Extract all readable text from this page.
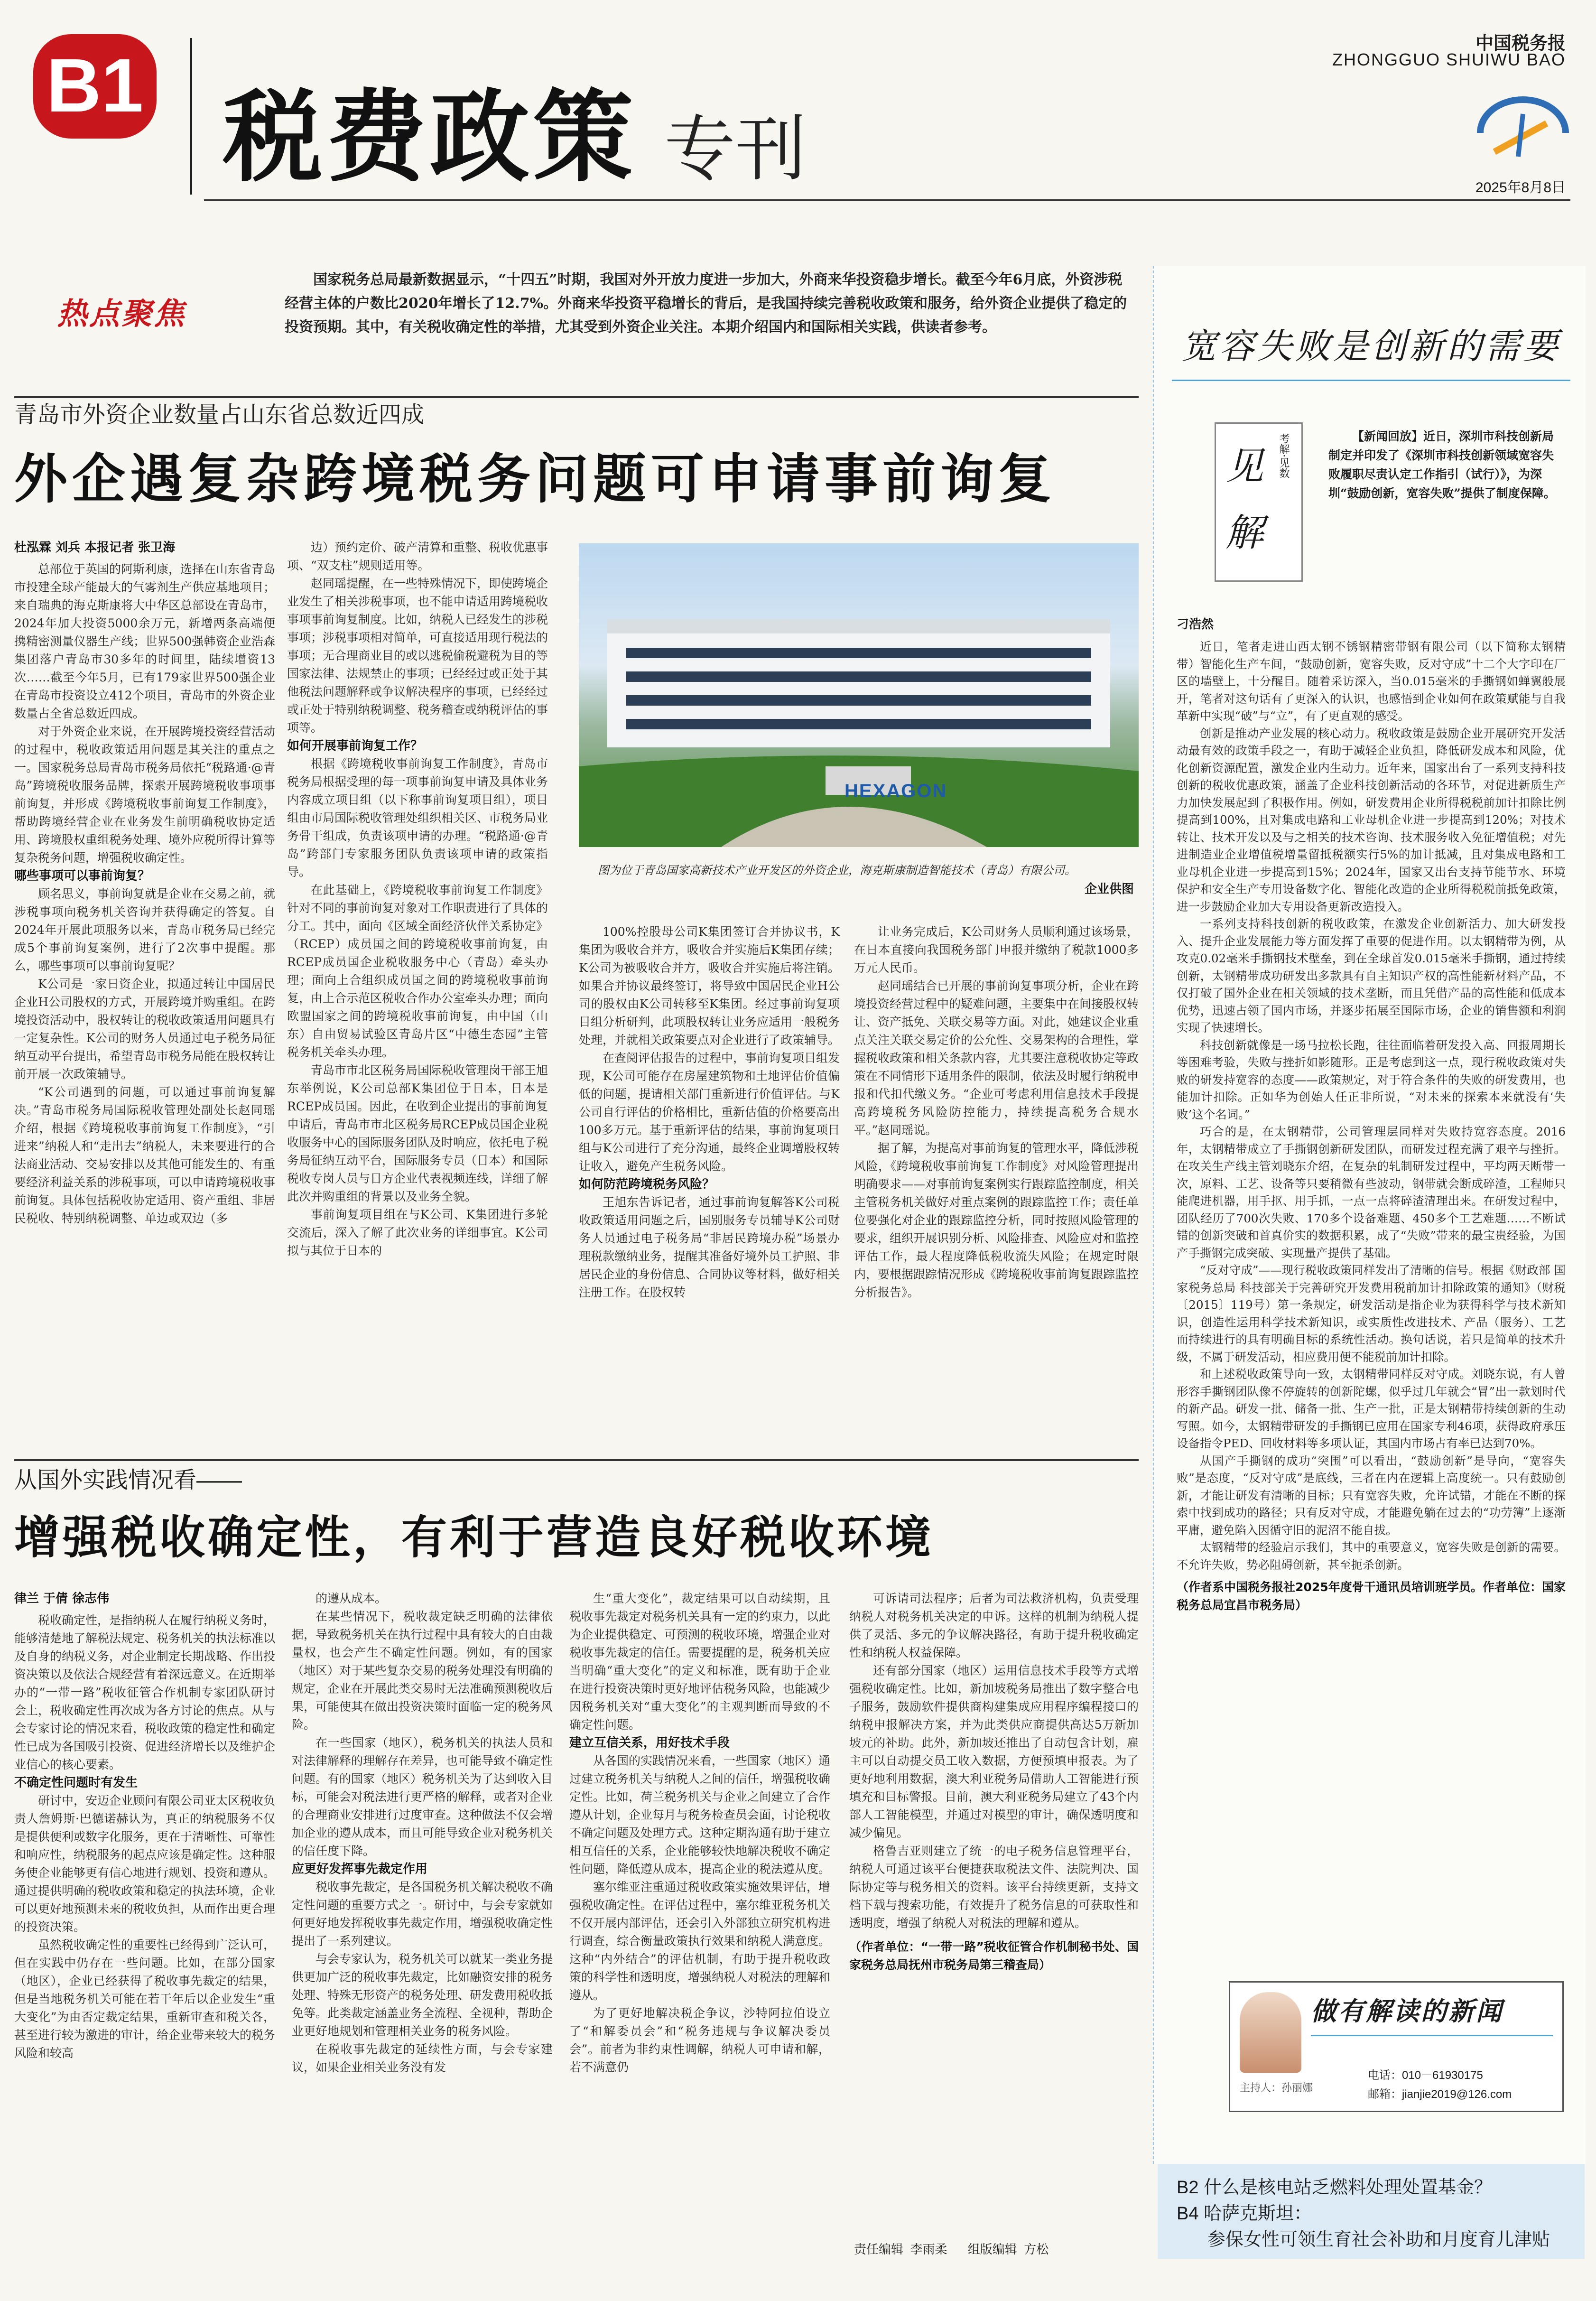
B1 税费政策 专刊
中国税务报
ZHONGGUO SHUIWU BAO
2025年8月8日
热点聚焦
国家税务总局最新数据显示，“十四五”时期，我国对外开放力度进一步加大，外商来华投资稳步增长。截至今年6月底，外资涉税经营主体的户数比2020年增长了12.7%。外商来华投资平稳增长的背后，是我国持续完善税收政策和服务，给外资企业提供了稳定的投资预期。其中，有关税收确定性的举措，尤其受到外资企业关注。本期介绍国内和国际相关实践，供读者参考。
青岛市外资企业数量占山东省总数近四成
外企遇复杂跨境税务问题可申请事前询复
杜泓霖 刘兵 本报记者 张卫海

总部位于英国的阿斯利康，选择在山东省青岛市投建全球产能最大的气雾剂生产供应基地项目；来自瑞典的海克斯康将大中华区总部设在青岛市，2024年加大投资5000余万元，新增两条高端便携精密测量仪器生产线；世界500强韩资企业浩森集团落户青岛市30多年的时间里，陆续增资13次……截至今年5月，已有179家世界500强企业在青岛市投资设立412个项目，青岛市的外资企业数量占全省总数近四成。

对于外资企业来说，在开展跨境投资经营活动的过程中，税收政策适用问题是其关注的重点之一。国家税务总局青岛市税务局依托“税路通·@青岛”跨境税收服务品牌，探索开展跨境税收事项事前询复，并形成《跨境税收事前询复工作制度》，帮助跨境经营企业在业务发生前明确税收协定适用、跨境股权重组税务处理、境外应税所得计算等复杂税务问题，增强税收确定性。

哪些事项可以事前询复？

顾名思义，事前询复就是企业在交易之前，就涉税事项向税务机关咨询并获得确定的答复。自2024年开展此项服务以来，青岛市税务局已经完成5个事前询复案例，进行了2次事中提醒。那么，哪些事项可以事前询复呢？

K公司是一家日资企业，拟通过转让中国居民企业H公司股权的方式，开展跨境并购重组。在跨境投资活动中，股权转让的税收政策适用问题具有一定复杂性。K公司的财务人员通过电子税务局征纳互动平台提出，希望青岛市税务局能在股权转让前开展一次政策辅导。

“K公司遇到的问题，可以通过事前询复解决。”青岛市税务局国际税收管理处副处长赵同瑶介绍，根据《跨境税收事前询复工作制度》，“引进来”纳税人和“走出去”纳税人，未来要进行的合法商业活动、交易安排以及其他可能发生的、有重要经济利益关系的涉税事项，可以申请跨境税收事前询复。具体包括税收协定适用、资产重组、非居民税收、特别纳税调整、单边或双边（多

边）预约定价、破产清算和重整、税收优惠事项、“双支柱”规则适用等。

赵同瑶提醒，在一些特殊情况下，即使跨境企业发生了相关涉税事项，也不能申请适用跨境税收事项事前询复制度。比如，纳税人已经发生的涉税事项；涉税事项相对简单，可直接适用现行税法的事项；无合理商业目的或以逃税偷税避税为目的等国家法律、法规禁止的事项；已经经过或正处于其他税法问题解释或争议解决程序的事项，已经经过或正处于特别纳税调整、税务稽查或纳税评估的事项等。

如何开展事前询复工作？

根据《跨境税收事前询复工作制度》，青岛市税务局根据受理的每一项事前询复申请及具体业务内容成立项目组（以下称事前询复项目组），项目组由市局国际税收管理处组织相关区、市税务局业务骨干组成，负责该项申请的办理。“税路通·@青岛”跨部门专家服务团队负责该项申请的政策指导。

在此基础上，《跨境税收事前询复工作制度》针对不同的事前询复对象对工作职责进行了具体的分工。其中，面向《区域全面经济伙伴关系协定》（RCEP）成员国之间的跨境税收事前询复，由RCEP成员国企业税收服务中心（青岛）牵头办理；面向上合组织成员国之间的跨境税收事前询复，由上合示范区税收合作办公室牵头办理；面向欧盟国家之间的跨境税收事前询复，由中国（山东）自由贸易试验区青岛片区“中德生态园”主管税务机关牵头办理。

青岛市市北区税务局国际税收管理岗干部王旭东举例说，K公司总部K集团位于日本，日本是RCEP成员国。因此，在收到企业提出的事前询复申请后，青岛市市北区税务局RCEP成员国企业税收服务中心的国际服务团队及时响应，依托电子税务局征纳互动平台，国际服务专员（日本）和国际税收专岗人员与日方企业代表视频连线，详细了解此次并购重组的背景以及业务全貌。

事前询复项目组在与K公司、K集团进行多轮交流后，深入了解了此次业务的详细事宜。K公司拟与其位于日本的

HEXAGON
图为位于青岛国家高新技术产业开发区的外资企业，海克斯康制造智能技术（青岛）有限公司。
企业供图

100%控股母公司K集团签订合并协议书，K集团为吸收合并方，吸收合并实施后K集团存续；K公司为被吸收合并方，吸收合并实施后将注销。如果合并协议最终签订，将导致中国居民企业H公司的股权由K公司转移至K集团。经过事前询复项目组分析研判，此项股权转让业务应适用一般税务处理，并就相关政策要点对企业进行了政策辅导。

在查阅评估报告的过程中，事前询复项目组发现，K公司可能存在房屋建筑物和土地评估价值偏低的问题，提请相关部门重新进行价值评估。与K公司自行评估的价格相比，重新估值的价格要高出100多万元。基于重新评估的结果，事前询复项目组与K公司进行了充分沟通，最终企业调增股权转让收入，避免产生税务风险。

如何防范跨境税务风险？

王旭东告诉记者，通过事前询复解答K公司税收政策适用问题之后，国别服务专员辅导K公司财务人员通过电子税务局“非居民跨境办税”场景办理税款缴纳业务，提醒其准备好境外员工护照、非居民企业的身份信息、合同协议等材料，做好相关注册工作。在股权转

让业务完成后，K公司财务人员顺利通过该场景，在日本直接向我国税务部门申报并缴纳了税款1000多万元人民币。

赵同瑶结合已开展的事前询复事项分析，企业在跨境投资经营过程中的疑难问题，主要集中在间接股权转让、资产抵免、关联交易等方面。对此，她建议企业重点关注关联交易定价的公允性、交易架构的合理性，掌握税收政策和相关条款内容，尤其要注意税收协定等政策在不同情形下适用条件的限制，依法及时履行纳税申报和代扣代缴义务。“企业可考虑利用信息技术手段提高跨境税务风险防控能力，持续提高税务合规水平。”赵同瑶说。

据了解，为提高对事前询复的管理水平，降低涉税风险，《跨境税收事前询复工作制度》对风险管理提出明确要求——对事前询复案例实行跟踪监控制度，相关主管税务机关做好对重点案例的跟踪监控工作；责任单位要强化对企业的跟踪监控分析，同时按照风险管理的要求，组织开展识别分析、风险排查、风险应对和监控评估工作，最大程度降低税收流失风险；在规定时限内，要根据跟踪情况形成《跨境税收事前询复跟踪监控分析报告》。

从国外实践情况看——
增强税收确定性，有利于营造良好税收环境
律兰 于倩 徐志伟

税收确定性，是指纳税人在履行纳税义务时，能够清楚地了解税法规定、税务机关的执法标准以及自身的纳税义务，对企业制定长期战略、作出投资决策以及依法合规经营有着深远意义。在近期举办的“一带一路”税收征管合作机制专家团队研讨会上，税收确定性再次成为各方讨论的焦点。从与会专家讨论的情况来看，税收政策的稳定性和确定性已成为各国吸引投资、促进经济增长以及维护企业信心的核心要素。

不确定性问题时有发生

研讨中，安迈企业顾问有限公司亚太区税收负责人詹姆斯·巴德诺赫认为，真正的纳税服务不仅是提供便利或数字化服务，更在于清晰性、可靠性和响应性，纳税服务的起点应该是确定性。这种服务使企业能够更有信心地进行规划、投资和遵从。通过提供明确的税收政策和稳定的执法环境，企业可以更好地预测未来的税收负担，从而作出更合理的投资决策。

虽然税收确定性的重要性已经得到广泛认可，但在实践中仍存在一些问题。比如，在部分国家（地区），企业已经获得了税收事先裁定的结果，但是当地税务机关可能在若干年后以企业发生“重大变化”为由否定裁定结果，重新审查和税关各，甚至进行较为激进的审计，给企业带来较大的税务风险和较高

的遵从成本。

在某些情况下，税收裁定缺乏明确的法律依据，导致税务机关在执行过程中具有较大的自由裁量权，也会产生不确定性问题。例如，有的国家（地区）对于某些复杂交易的税务处理没有明确的规定，企业在开展此类交易时无法准确预测税收后果，可能使其在做出投资决策时面临一定的税务风险。

在一些国家（地区），税务机关的执法人员和对法律解释的理解存在差异，也可能导致不确定性问题。有的国家（地区）税务机关为了达到收入目标，可能会对税法进行更严格的解释，或者对企业的合理商业安排进行过度审查。这种做法不仅会增加企业的遵从成本，而且可能导致企业对税务机关的信任度下降。

应更好发挥事先裁定作用

税收事先裁定，是各国税务机关解决税收不确定性问题的重要方式之一。研讨中，与会专家就如何更好地发挥税收事先裁定作用，增强税收确定性提出了一系列建议。

与会专家认为，税务机关可以就某一类业务提供更加广泛的税收事先裁定，比如融资安排的税务处理、特殊无形资产的税务处理、研发费用税收抵免等。此类裁定涵盖业务全流程、全视种，帮助企业更好地规划和管理相关业务的税务风险。

在税收事先裁定的延续性方面，与会专家建议，如果企业相关业务没有发

生“重大变化”，裁定结果可以自动续期，且税收事先裁定对税务机关具有一定的约束力，以此为企业提供稳定、可预测的税收环境，增强企业对税收事先裁定的信任。需要提醒的是，税务机关应当明确“重大变化”的定义和标准，既有助于企业在进行投资决策时更好地评估税务风险，也能减少因税务机关对“重大变化”的主观判断而导致的不确定性问题。

建立互信关系，用好技术手段

从各国的实践情况来看，一些国家（地区）通过建立税务机关与纳税人之间的信任，增强税收确定性。比如，荷兰税务机关与企业之间建立了合作遵从计划，企业每月与税务检查员会面，讨论税收不确定问题及处理方式。这种定期沟通有助于建立相互信任的关系，企业能够较快地解决税收不确定性问题，降低遵从成本，提高企业的税法遵从度。

塞尔维亚注重通过税收政策实施效果评估，增强税收确定性。在评估过程中，塞尔维亚税务机关不仅开展内部评估，还会引入外部独立研究机构进行调查，综合衡量政策执行效果和纳税人满意度。这种“内外结合”的评估机制，有助于提升税收政策的科学性和透明度，增强纳税人对税法的理解和遵从。

为了更好地解决税企争议，沙特阿拉伯设立了“和解委员会”和“税务违规与争议解决委员会”。前者为非约束性调解，纳税人可申请和解，若不满意仍

可诉请司法程序；后者为司法救济机构，负责受理纳税人对税务机关决定的申诉。这样的机制为纳税人提供了灵活、多元的争议解决路径，有助于提升税收确定性和纳税人权益保障。

还有部分国家（地区）运用信息技术手段等方式增强税收确定性。比如，新加坡税务局推出了数字整合电子服务，鼓励软件提供商构建集成应用程序编程接口的纳税申报解决方案，并为此类供应商提供高达5万新加坡元的补助。此外，新加坡还推出了自动包含计划，雇主可以自动提交员工收入数据，方便预填申报表。为了更好地利用数据，澳大利亚税务局借助人工智能进行预填充和目标警报。目前，澳大利亚税务局建立了43个内部人工智能模型，并通过对模型的审计，确保透明度和减少偏见。

格鲁吉亚则建立了统一的电子税务信息管理平台，纳税人可通过该平台便捷获取税法文件、法院判决、国际协定等与税务相关的资料。该平台持续更新，支持文档下载与搜索功能，有效提升了税务信息的可获取性和透明度，增强了纳税人对税法的理解和遵从。

（作者单位：“一带一路”税收征管合作机制秘书处、国家税务总局抚州市税务局第三稽查局）
责任编辑  李雨柔      组版编辑  方松
宽容失败是创新的需要
见解
考解·见数	【新闻回放】近日，深圳市科技创新局制定并印发了《深圳市科技创新领域宽容失败履职尽责认定工作指引（试行）》，为深圳“鼓励创新，宽容失败”提供了制度保障。
刁浩然

近日，笔者走进山西太钢不锈钢精密带钢有限公司（以下简称太钢精带）智能化生产车间，“鼓励创新，宽容失败，反对守成”十二个大字印在厂区的墙壁上，十分醒目。随着采访深入，当0.015毫米的手撕钢如蝉翼般展开，笔者对这句话有了更深入的认识，也感悟到企业如何在政策赋能与自我革新中实现“破”与“立”，有了更直观的感受。

创新是推动产业发展的核心动力。税收政策是鼓励企业开展研究开发活动最有效的政策手段之一，有助于减轻企业负担，降低研发成本和风险，优化创新资源配置，激发企业内生动力。近年来，国家出台了一系列支持科技创新的税收优惠政策，涵盖了企业科技创新活动的各环节，对促进新质生产力加快发展起到了积极作用。例如，研发费用企业所得税税前加计扣除比例提高到100%，且对集成电路和工业母机企业进一步提高到120%；对技术转让、技术开发以及与之相关的技术咨询、技术服务收入免征增值税；对先进制造业企业增值税增量留抵税额实行5%的加计抵减，且对集成电路和工业母机企业进一步提高到15%；2024年，国家又出台支持节能节水、环境保护和安全生产专用设备数字化、智能化改造的企业所得税税前抵免政策，进一步鼓励企业加大专用设备更新改造投入。

一系列支持科技创新的税收政策，在激发企业创新活力、加大研发投入、提升企业发展能力等方面发挥了重要的促进作用。以太钢精带为例，从攻克0.02毫米手撕钢技术壁垒，到在全球首发0.015毫米手撕钢，通过持续创新，太钢精带成功研发出多款具有自主知识产权的高性能新材料产品，不仅打破了国外企业在相关领域的技术垄断，而且凭借产品的高性能和低成本优势，迅速占领了国内市场，并逐步拓展至国际市场，企业的销售额和利润实现了快速增长。

科技创新就像是一场马拉松长跑，往往面临着研发投入高、回报周期长等困难考验，失败与挫折如影随形。正是考虑到这一点，现行税收政策对失败的研发持宽容的态度——政策规定，对于符合条件的失败的研发费用，也能加计扣除。正如华为创始人任正非所说，“对未来的探索本来就没有‘失败’这个名词。”

巧合的是，在太钢精带，公司管理层同样对失败持宽容态度。2016年，太钢精带成立了手撕钢创新研发团队，而研发过程充满了艰辛与挫折。在攻关生产线主管刘晓东介绍，在复杂的轧制研发过程中，平均两天断带一次，原料、工艺、设备等只要稍微有些波动，钢带就会断成碎渣，工程师只能爬进机器，用手抠、用手抓，一点一点将碎渣清理出来。在研发过程中，团队经历了700次失败、170多个设备难题、450多个工艺难题……不断试错的创新突破和首真价实的数据积累，成了“失败”带来的最宝贵经验，为国产手撕钢完成突破、实现量产提供了基础。

“反对守成”——现行税收政策同样发出了清晰的信号。根据《财政部 国家税务总局 科技部关于完善研究开发费用税前加计扣除政策的通知》（财税〔2015〕119号）第一条规定，研发活动是指企业为获得科学与技术新知识，创造性运用科学技术新知识，或实质性改进技术、产品（服务）、工艺而持续进行的具有明确目标的系统性活动。换句话说，若只是简单的技术升级，不属于研发活动，相应费用便不能税前加计扣除。

和上述税收政策导向一致，太钢精带同样反对守成。刘晓东说，有人曾形容手撕钢团队像不停旋转的创新陀螺，似乎过几年就会“冒”出一款划时代的新产品。研发一批、储备一批、生产一批，正是太钢精带持续创新的生动写照。如今，太钢精带研发的手撕钢已应用在国家专利46项，获得政府承压设备指令PED、回收材料等多项认证，其国内市场占有率已达到70%。

从国产手撕钢的成功“突围”可以看出，“鼓励创新”是导向，“宽容失败”是态度，“反对守成”是底线，三者在内在逻辑上高度统一。只有鼓励创新，才能让研发有清晰的目标；只有宽容失败，允许试错，才能在不断的探索中找到成功的路径；只有反对守成，才能避免躺在过去的“功劳簿”上逐渐平庸，避免陷入因循守旧的泥沼不能自拔。

太钢精带的经验启示我们，其中的重要意义，宽容失败是创新的需要。不允许失败，势必阻碍创新，甚至扼杀创新。

（作者系中国税务报社2025年度骨干通讯员培训班学员。作者单位：国家税务总局宜昌市税务局）
做有解读的新闻
主持人：孙丽娜
电话：010－61930175
邮箱：jianjie2019@126.com
B2 什么是核电站乏燃料处理处置基金？
B4 哈萨克斯坦：
参保女性可领生育社会补助和月度育儿津贴
